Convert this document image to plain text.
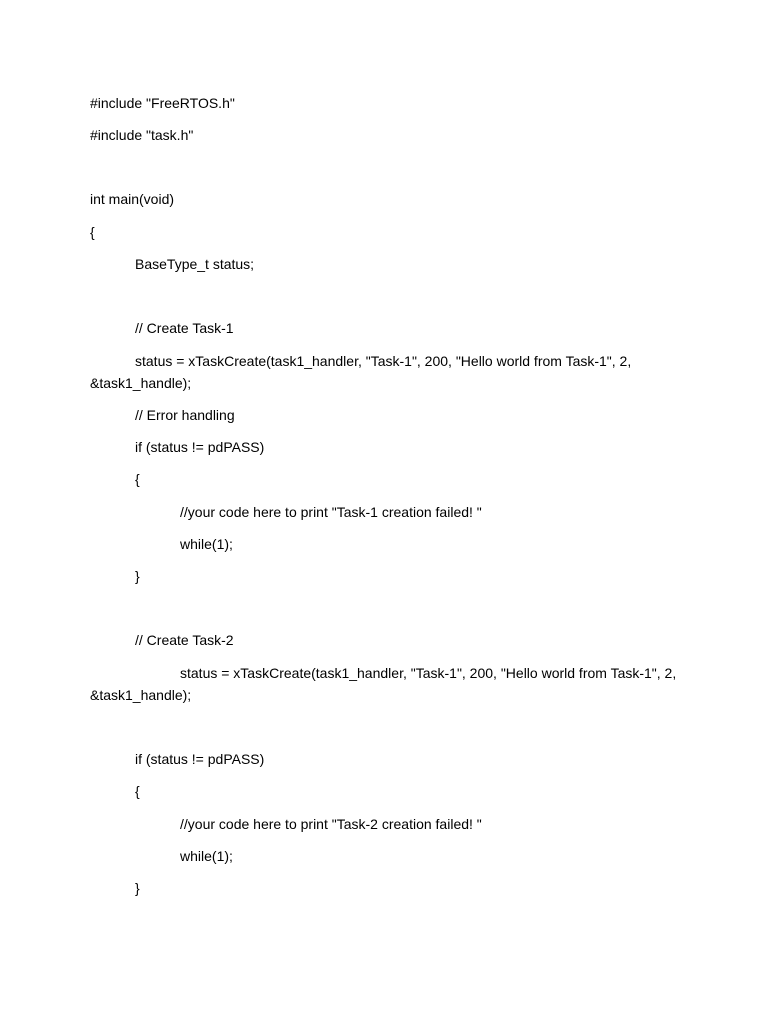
#include "FreeRTOS.h"

#include "task.h"

int main(void)

{

BaseType_t status;

// Create Task-1

status = xTaskCreate(task1_handler, "Task-1", 200, "Hello world from Task-1", 2,

&task1_handle);

// Error handling

if (status != pdPASS)

{

//your code here to print "Task-1 creation failed! "

while(1);

}

// Create Task-2

status = xTaskCreate(task1_handler, "Task-1", 200, "Hello world from Task-1", 2,

&task1_handle);

if (status != pdPASS)

{

//your code here to print "Task-2 creation failed! "

while(1);

}
